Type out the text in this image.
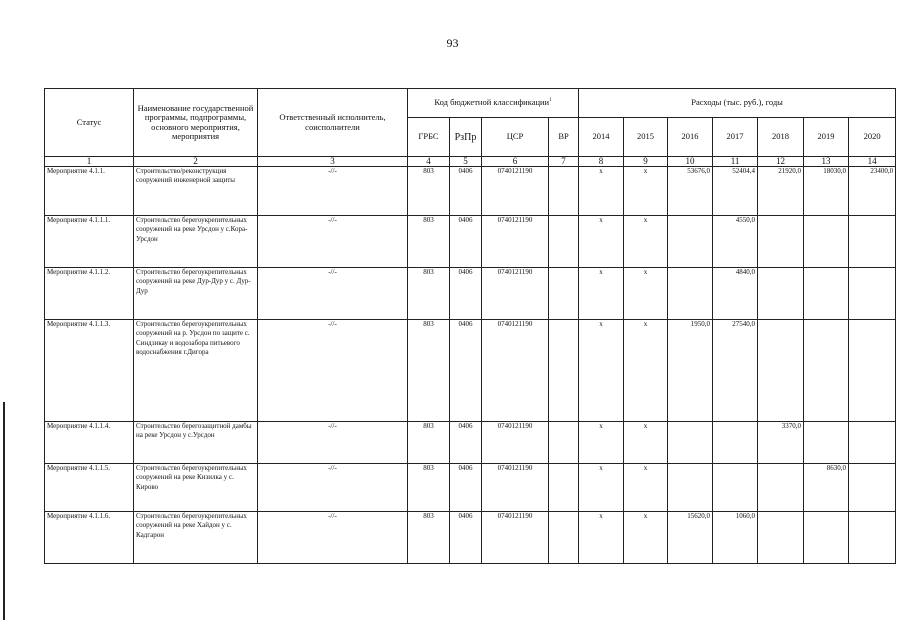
93
Статус	Наименование государственной программы, подпрограммы, основного мероприятия, мероприятия	Ответственный исполнитель, соисполнители	Код бюджетной классификации$^1$				Расходы (тыс. руб.), годы						
			ГРБС	РзПр	ЦСР	ВР	2014	2015	2016	2017	2018	2019	2020
1	2	3	4	5	6	7	8	9	10	11	12	13	14
Мероприятие 4.1.1.	Строительство/реконструкция сооружений инженерной защиты	-//-	803	0406	0740121190		х	х	53676,0	52404,4	21920,0	18030,0	23400,0
Мероприятие 4.1.1.1.	Строительство берегоукрепительных сооружений на реке Урсдон у с.Кора-Урсдон	-//-	803	0406	0740121190		х	х		4550,0			
Мероприятие 4.1.1.2.	Строительство берегоукрепительных сооружений на реке Дур-Дур у с. Дур-Дур	-//-	803	0406	0740121190		х	х		4840,0			
Мероприятие 4.1.1.3.	Строительство берегоукрепительных сооружений на р. Урсдон по защите с. Синдзикау и водозабора питьевого водоснабжения г.Дигора	-//-	803	0406	0740121190		х	х	1950,0	27540,0			
Мероприятие 4.1.1.4.	Строительство берегозащитной дамбы на реке Урсдон у с.Урсдон	-//-	803	0406	0740121190		х	х			3370,0		
Мероприятие 4.1.1.5.	Строительство берегоукрепительных сооружений на реке Кизилка у с. Кирово	-//-	803	0406	0740121190		х	х				8630,0	
Мероприятие 4.1.1.6.	Строительство берегоукрепительных сооружений на реке Хайдон у с. Кадгарон	-//-	803	0406	0740121190		х	х	15620,0	1060,0			
